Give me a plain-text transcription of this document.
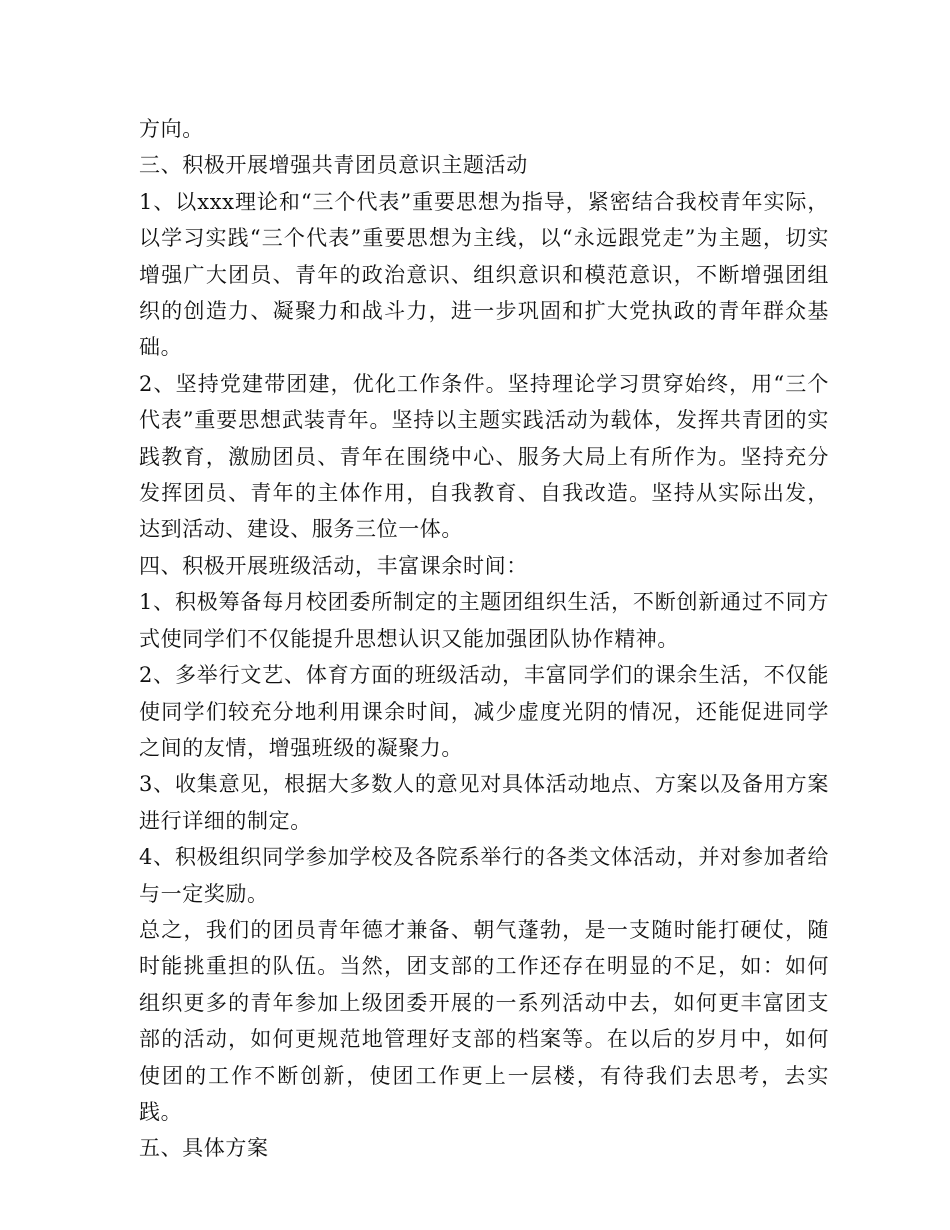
方向。

三、积极开展增强共青团员意识主题活动

1、以xxx理论和“三个代表”重要思想为指导，紧密结合我校青年实际，以学习实践“三个代表”重要思想为主线，以“永远跟党走”为主题，切实增强广大团员、青年的政治意识、组织意识和模范意识，不断增强团组织的创造力、凝聚力和战斗力，进一步巩固和扩大党执政的青年群众基础。

2、坚持党建带团建，优化工作条件。坚持理论学习贯穿始终，用“三个代表”重要思想武装青年。坚持以主题实践活动为载体，发挥共青团的实践教育，激励团员、青年在围绕中心、服务大局上有所作为。坚持充分发挥团员、青年的主体作用，自我教育、自我改造。坚持从实际出发，达到活动、建设、服务三位一体。

四、积极开展班级活动，丰富课余时间：

1、积极筹备每月校团委所制定的主题团组织生活，不断创新通过不同方式使同学们不仅能提升思想认识又能加强团队协作精神。

2、多举行文艺、体育方面的班级活动，丰富同学们的课余生活，不仅能使同学们较充分地利用课余时间，减少虚度光阴的情况，还能促进同学之间的友情，增强班级的凝聚力。

3、收集意见，根据大多数人的意见对具体活动地点、方案以及备用方案进行详细的制定。

4、积极组织同学参加学校及各院系举行的各类文体活动，并对参加者给与一定奖励。

总之，我们的团员青年德才兼备、朝气蓬勃，是一支随时能打硬仗，随时能挑重担的队伍。当然，团支部的工作还存在明显的不足，如：如何组织更多的青年参加上级团委开展的一系列活动中去，如何更丰富团支部的活动，如何更规范地管理好支部的档案等。在以后的岁月中，如何使团的工作不断创新，使团工作更上一层楼，有待我们去思考，去实践。

五、具体方案
